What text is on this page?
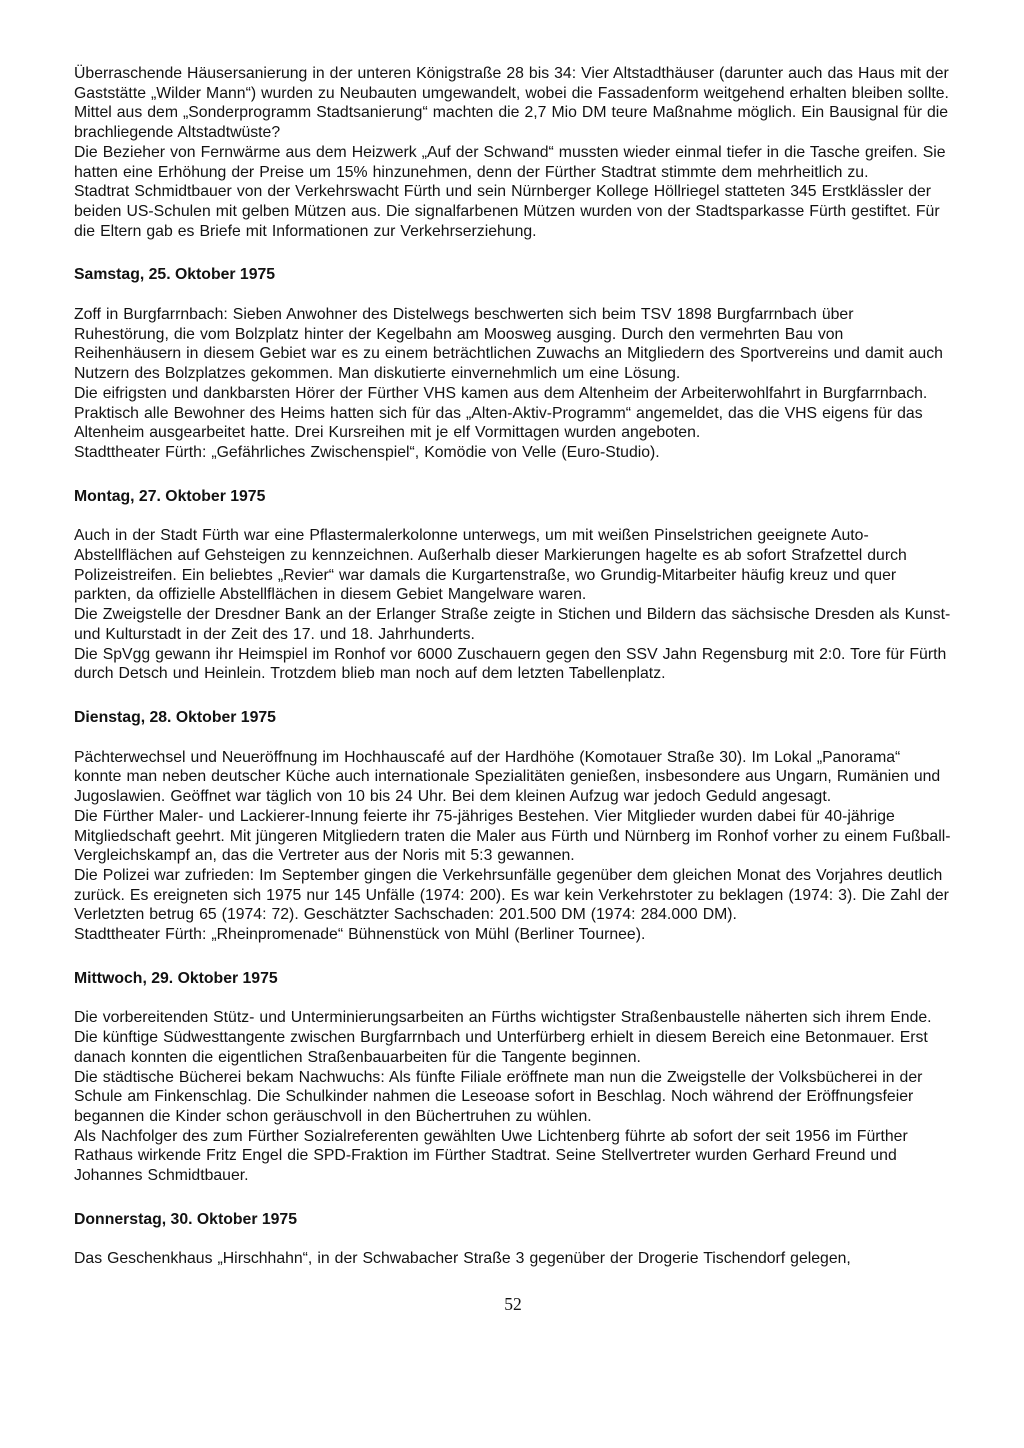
Überraschende Häusersanierung in der unteren Königstraße 28 bis 34: Vier Altstadthäuser (darunter auch das Haus mit der Gaststätte „Wilder Mann“) wurden zu Neubauten umgewandelt, wobei die Fassadenform weitgehend erhalten bleiben sollte. Mittel aus dem „Sonderprogramm Stadtsanierung“ machten die 2,7 Mio DM teure Maßnahme möglich. Ein Bausignal für die brachliegende Altstadtwüste?

Die Bezieher von Fernwärme aus dem Heizwerk „Auf der Schwand“ mussten wieder einmal tiefer in die Tasche greifen. Sie hatten eine Erhöhung der Preise um 15% hinzunehmen, denn der Fürther Stadtrat stimmte dem mehrheitlich zu.

Stadtrat Schmidtbauer von der Verkehrswacht Fürth und sein Nürnberger Kollege Höllriegel statteten 345 Erstklässler der beiden US-Schulen mit gelben Mützen aus. Die signalfarbenen Mützen wurden von der Stadtsparkasse Fürth gestiftet. Für die Eltern gab es Briefe mit Informationen zur Verkehrserziehung.

Samstag, 25. Oktober 1975

Zoff in Burgfarrnbach: Sieben Anwohner des Distelwegs beschwerten sich beim TSV 1898 Burgfarrnbach über Ruhestörung, die vom Bolzplatz hinter der Kegelbahn am Moosweg ausging. Durch den vermehrten Bau von Reihenhäusern in diesem Gebiet war es zu einem beträchtlichen Zuwachs an Mitgliedern des Sportvereins und damit auch Nutzern des Bolzplatzes gekommen. Man diskutierte einvernehmlich um eine Lösung.

Die eifrigsten und dankbarsten Hörer der Fürther VHS kamen aus dem Altenheim der Arbeiterwohlfahrt in Burgfarrnbach. Praktisch alle Bewohner des Heims hatten sich für das „Alten-Aktiv-Programm“ angemeldet, das die VHS eigens für das Altenheim ausgearbeitet hatte. Drei Kursreihen mit je elf Vormittagen wurden angeboten.

Stadttheater Fürth: „Gefährliches Zwischenspiel“, Komödie von Velle (Euro-Studio).

Montag, 27. Oktober 1975

Auch in der Stadt Fürth war eine Pflastermalerkolonne unterwegs, um mit weißen Pinselstrichen geeignete Auto-Abstellflächen auf Gehsteigen zu kennzeichnen. Außerhalb dieser Markierungen hagelte es ab sofort Strafzettel durch Polizeistreifen. Ein beliebtes „Revier“ war damals die Kurgartenstraße, wo Grundig-Mitarbeiter häufig kreuz und quer parkten, da offizielle Abstellflächen in diesem Gebiet Mangelware waren.

Die Zweigstelle der Dresdner Bank an der Erlanger Straße zeigte in Stichen und Bildern das sächsische Dresden als Kunst- und Kulturstadt in der Zeit des 17. und 18. Jahrhunderts.

Die SpVgg gewann ihr Heimspiel im Ronhof vor 6000 Zuschauern gegen den SSV Jahn Regensburg mit 2:0. Tore für Fürth durch Detsch und Heinlein. Trotzdem blieb man noch auf dem letzten Tabellenplatz.

Dienstag, 28. Oktober 1975

Pächterwechsel und Neueröffnung im Hochhauscafé auf der Hardhöhe (Komotauer Straße 30). Im Lokal „Panorama“ konnte man neben deutscher Küche auch internationale Spezialitäten genießen, insbesondere aus Ungarn, Rumänien und Jugoslawien. Geöffnet war täglich von 10 bis 24 Uhr. Bei dem kleinen Aufzug war jedoch Geduld angesagt.

Die Fürther Maler- und Lackierer-Innung feierte ihr 75-jähriges Bestehen. Vier Mitglieder wurden dabei für 40-jährige Mitgliedschaft geehrt. Mit jüngeren Mitgliedern traten die Maler aus Fürth und Nürnberg im Ronhof vorher zu einem Fußball-Vergleichskampf an, das die Vertreter aus der Noris mit 5:3 gewannen.

Die Polizei war zufrieden: Im September gingen die Verkehrsunfälle gegenüber dem gleichen Monat des Vorjahres deutlich zurück. Es ereigneten sich 1975 nur 145 Unfälle (1974: 200). Es war kein Verkehrstoter zu beklagen (1974: 3). Die Zahl der Verletzten betrug 65 (1974: 72). Geschätzter Sachschaden: 201.500 DM (1974: 284.000 DM).

Stadttheater Fürth: „Rheinpromenade“ Bühnenstück von Mühl (Berliner Tournee).

Mittwoch, 29. Oktober 1975

Die vorbereitenden Stütz- und Unterminierungsarbeiten an Fürths wichtigster Straßenbaustelle näherten sich ihrem Ende. Die künftige Südwesttangente zwischen Burgfarrnbach und Unterfürberg erhielt in diesem Bereich eine Betonmauer. Erst danach konnten die eigentlichen Straßenbauarbeiten für die Tangente beginnen.

Die städtische Bücherei bekam Nachwuchs: Als fünfte Filiale eröffnete man nun die Zweigstelle der Volksbücherei in der Schule am Finkenschlag. Die Schulkinder nahmen die Leseoase sofort in Beschlag. Noch während der Eröffnungsfeier begannen die Kinder schon geräuschvoll in den Büchertruhen zu wühlen.

Als Nachfolger des zum Fürther Sozialreferenten gewählten Uwe Lichtenberg führte ab sofort der seit 1956 im Fürther Rathaus wirkende Fritz Engel die SPD-Fraktion im Fürther Stadtrat. Seine Stellvertreter wurden Gerhard Freund und Johannes Schmidtbauer.

Donnerstag, 30. Oktober 1975

Das Geschenkhaus „Hirschhahn“, in der Schwabacher Straße 3 gegenüber der Drogerie Tischendorf gelegen,

52
